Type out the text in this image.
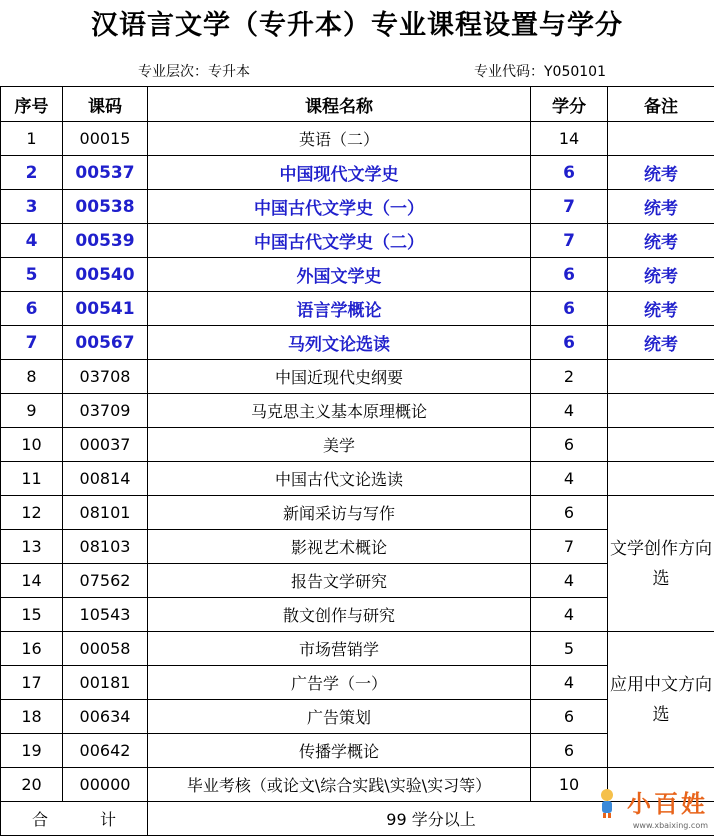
汉语言文学（专升本）专业课程设置与学分
专业层次：专升本	专业代码：Y050101
序号	课码	课程名称	学分	备注
1	00015	英语（二）	14	
2	00537	中国现代文学史	6	统考
3	00538	中国古代文学史（一）	7	统考
4	00539	中国古代文学史（二）	7	统考
5	00540	外国文学史	6	统考
6	00541	语言学概论	6	统考
7	00567	马列文论选读	6	统考
8	03708	中国近现代史纲要	2	
9	03709	马克思主义基本原理概论	4	
10	00037	美学	6	
11	00814	中国古代文论选读	4	
12	08101	新闻采访与写作	6	文学创作方向选
13	08103	影视艺术概论	7	
14	07562	报告文学研究	4	
15	10543	散文创作与研究	4	
16	00058	市场营销学	5	应用中文方向选
17	00181	广告学（一）	4	
18	00634	广告策划	6	
19	00642	传播学概论	6	
20	00000	毕业考核（或论文\综合实践\实验\实习等）	10	
合 计		99 学分以上		
小百姓
www.xbaixing.com
